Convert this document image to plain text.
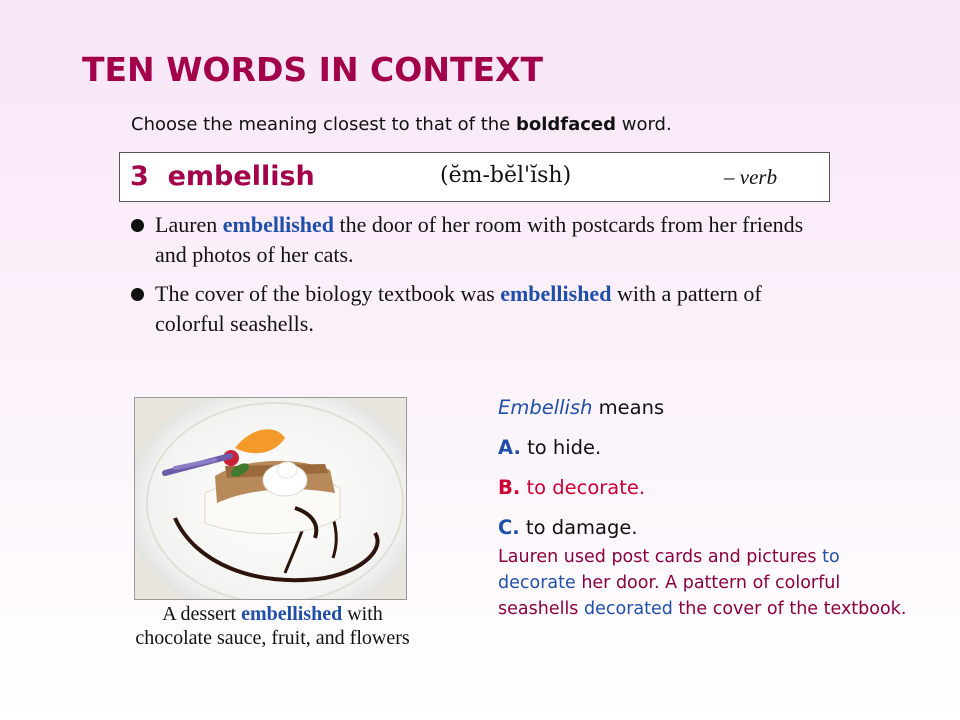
TEN WORDS IN CONTEXT
Choose the meaning closest to that of the boldfaced word.
3 embellish	(ĕm-bĕl'ĭsh)	– verb
Lauren embellished the door of her room with postcards from her friends and photos of her cats.
The cover of the biology textbook was embellished with a pattern of colorful seashells.
A dessert embellished with
chocolate sauce, fruit, and flowers
Embellish means
A. to hide.
B. to decorate.
C. to damage.
Lauren used post cards and pictures to decorate her door. A pattern of colorful seashells decorated the cover of the textbook.
